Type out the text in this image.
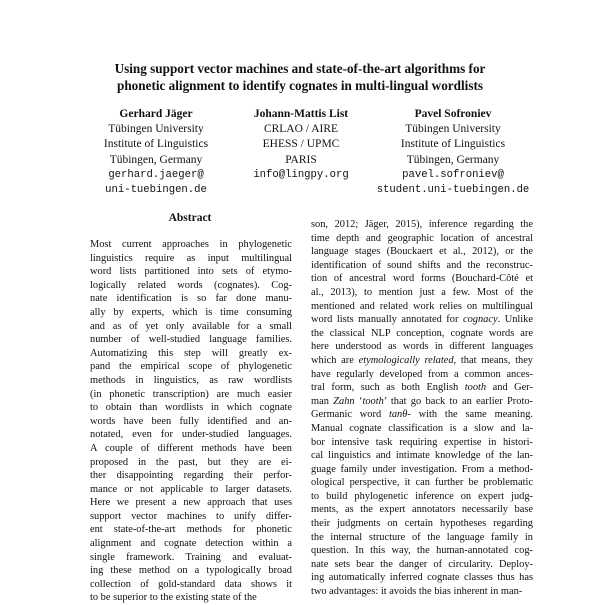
Using support vector machines and state-of-the-art algorithms for
phonetic alignment to identify cognates in multi-lingual wordlists
Gerhard Jäger
Tübingen University
Institute of Linguistics
Tübingen, Germany
gerhard.jaeger@
uni-tuebingen.de
Johann-Mattis List
CRLAO / AIRE
EHESS / UPMC
PARIS
info@lingpy.org
Pavel Sofroniev
Tübingen University
Institute of Linguistics
Tübingen, Germany
pavel.sofroniev@
student.uni-tuebingen.de
Abstract
Most current approaches in phylogenetic
linguistics require as input multilingual
word lists partitioned into sets of etymo-
logically related words (cognates). Cog-
nate identification is so far done manu-
ally by experts, which is time consuming
and as of yet only available for a small
number of well-studied language families.
Automatizing this step will greatly ex-
pand the empirical scope of phylogenetic
methods in linguistics, as raw wordlists
(in phonetic transcription) are much easier
to obtain than wordlists in which cognate
words have been fully identified and an-
notated, even for under-studied languages.
A couple of different methods have been
proposed in the past, but they are ei-
ther disappointing regarding their perfor-
mance or not applicable to larger datasets.
Here we present a new approach that uses
support vector machines to unify differ-
ent state-of-the-art methods for phonetic
alignment and cognate detection within a
single framework. Training and evaluat-
ing these method on a typologically broad
collection of gold-standard data shows it
to be superior to the existing state of the
son, 2012; Jäger, 2015), inference regarding the
time depth and geographic location of ancestral
language stages (Bouckaert et al., 2012), or the
identification of sound shifts and the reconstruc-
tion of ancestral word forms (Bouchard-Côté et
al., 2013), to mention just a few. Most of the
mentioned and related work relies on multilingual
word lists manually annotated for cognacy. Unlike
the classical NLP conception, cognate words are
here understood as words in different languages
which are etymologically related, that means, they
have regularly developed from a common ances-
tral form, such as both English tooth and Ger-
man Zahn ‘tooth’ that go back to an earlier Proto-
Germanic word tanθ- with the same meaning.
Manual cognate classification is a slow and la-
bor intensive task requiring expertise in histori-
cal linguistics and intimate knowledge of the lan-
guage family under investigation. From a method-
ological perspective, it can further be problematic
to build phylogenetic inference on expert judg-
ments, as the expert annotators necessarily base
their judgments on certain hypotheses regarding
the internal structure of the language family in
question. In this way, the human-annotated cog-
nate sets bear the danger of circularity. Deploy-
ing automatically inferred cognate classes thus has
two advantages: it avoids the bias inherent in man-
